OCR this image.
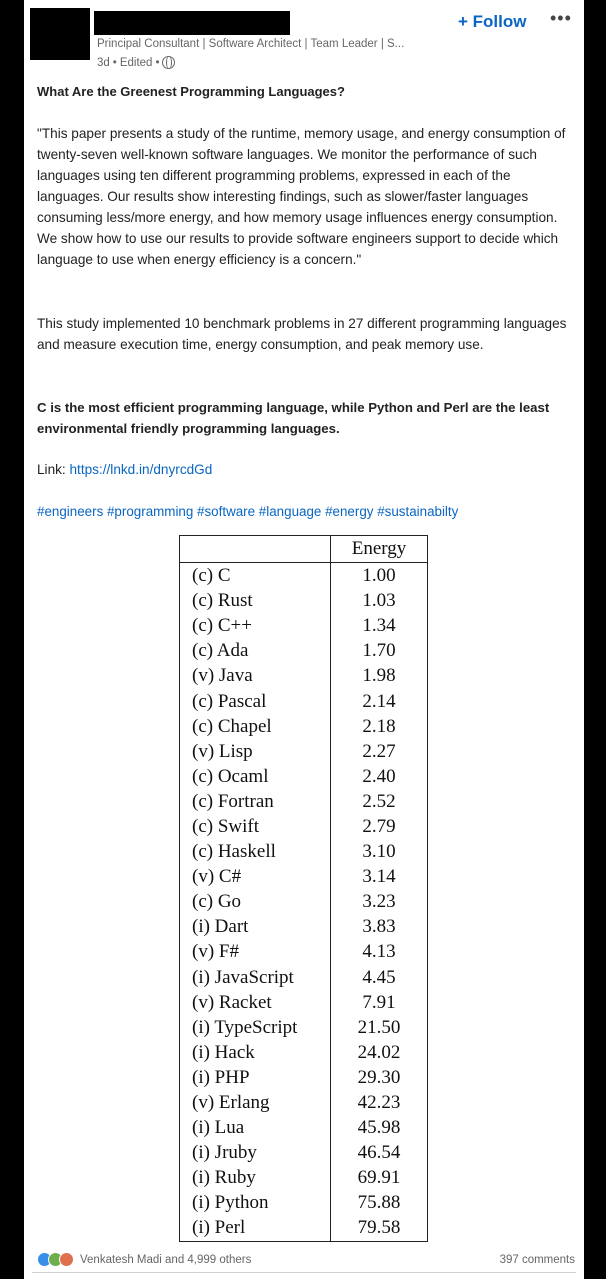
Principal Consultant | Software Architect | Team Leader | S...
3d • Edited •
+ Follow •••

What Are the Greenest Programming Languages?

"This paper presents a study of the runtime, memory usage, and energy consumption of twenty-seven well-known software languages. We monitor the performance of such languages using ten different programming problems, expressed in each of the languages. Our results show interesting findings, such as slower/faster languages consuming less/more energy, and how memory usage influences energy consumption. We show how to use our results to provide software engineers support to decide which language to use when energy efficiency is a concern."

This study implemented 10 benchmark problems in 27 different programming languages and measure execution time, energy consumption, and peak memory use.

C is the most efficient programming language, while Python and Perl are the least environmental friendly programming languages.

Link: https://lnkd.in/dnyrcdGd

#engineers #programming #software #language #energy #sustainabilty

	Energy
(c) C	1.00
(c) Rust	1.03
(c) C++	1.34
(c) Ada	1.70
(v) Java	1.98
(c) Pascal	2.14
(c) Chapel	2.18
(v) Lisp	2.27
(c) Ocaml	2.40
(c) Fortran	2.52
(c) Swift	2.79
(c) Haskell	3.10
(v) C#	3.14
(c) Go	3.23
(i) Dart	3.83
(v) F#	4.13
(i) JavaScript	4.45
(v) Racket	7.91
(i) TypeScript	21.50
(i) Hack	24.02
(i) PHP	29.30
(v) Erlang	42.23
(i) Lua	45.98
(i) Jruby	46.54
(i) Ruby	69.91
(i) Python	75.88
(i) Perl	79.58
Venkatesh Madi and 4,999 others	397 comments
